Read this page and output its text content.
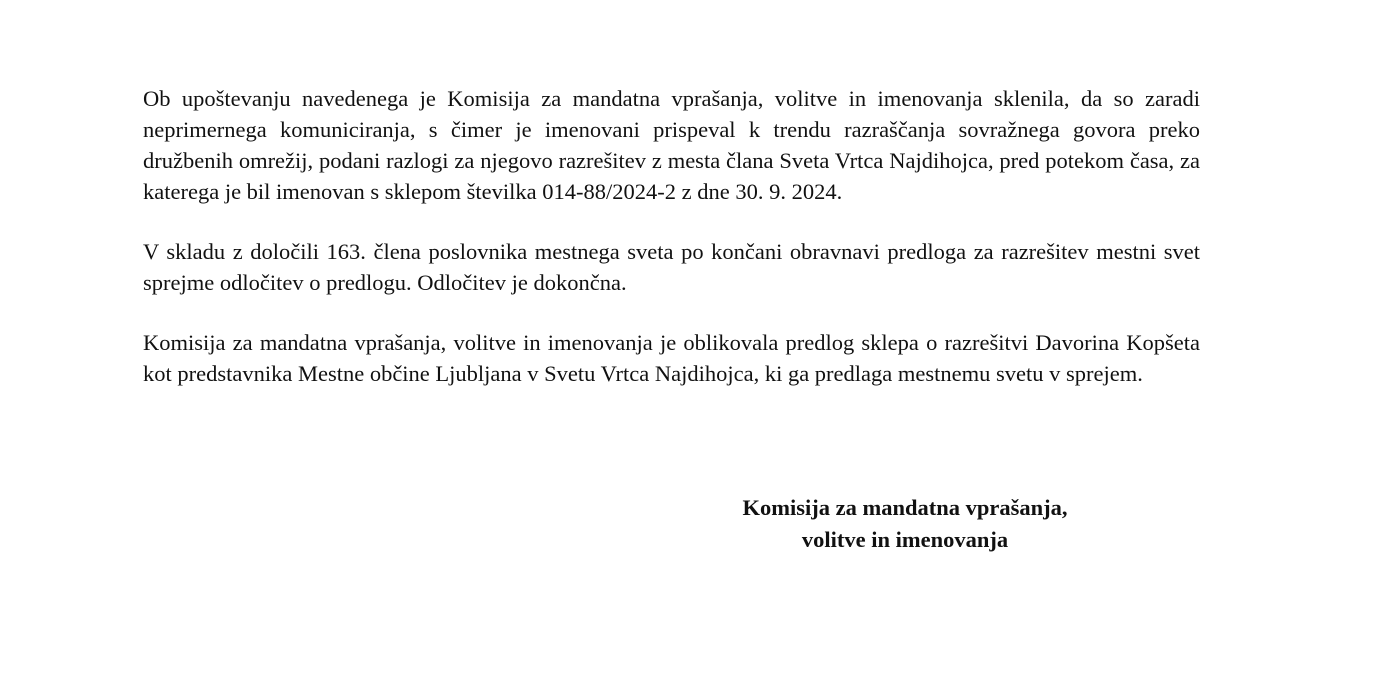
Ob upoštevanju navedenega je Komisija za mandatna vprašanja, volitve in imenovanja sklenila, da so zaradi neprimernega komuniciranja, s čimer je imenovani prispeval k trendu razraščanja sovražnega govora preko družbenih omrežij, podani razlogi za njegovo razrešitev z mesta člana Sveta Vrtca Najdihojca, pred potekom časa, za katerega je bil imenovan s sklepom številka 014-88/2024-2 z dne 30. 9. 2024.

V skladu z določili 163. člena poslovnika mestnega sveta po končani obravnavi predloga za razrešitev mestni svet sprejme odločitev o predlogu. Odločitev je dokončna.

Komisija za mandatna vprašanja, volitve in imenovanja je oblikovala predlog sklepa o razrešitvi Davorina Kopšeta kot predstavnika Mestne občine Ljubljana v Svetu Vrtca Najdihojca, ki ga predlaga mestnemu svetu v sprejem.

Komisija za mandatna vprašanja,
volitve in imenovanja
